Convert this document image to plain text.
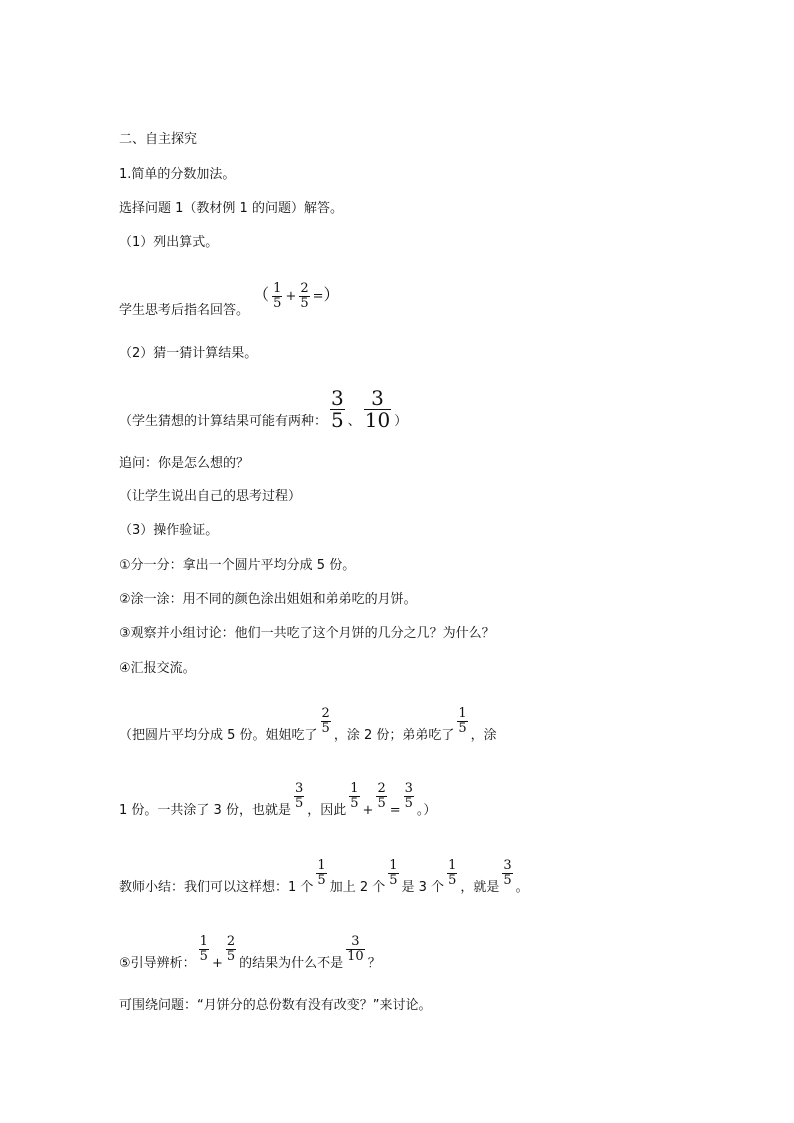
二、自主探究
1.简单的分数加法。
选择问题 1（教材例 1 的问题）解答。
（1）列出算式。
学生思考后指名回答。 （ $\frac{1}{5} + \frac{2}{5}$ =）
（2）猜一猜计算结果。
（学生猜想的计算结果可能有两种： $\frac{3}{5}$ 、 $\frac{3}{10}$ ）
追问：你是怎么想的？
（让学生说出自己的思考过程）
（3）操作验证。
①分一分：拿出一个圆片平均分成 5 份。
②涂一涂：用不同的颜色涂出姐姐和弟弟吃的月饼。
③观察并小组讨论：他们一共吃了这个月饼的几分之几？为什么？
④汇报交流。
（把圆片平均分成 5 份。姐姐吃了 $\frac{2}{5}$ ，涂 2 份；弟弟吃了 $\frac{1}{5}$ ，涂
1 份。一共涂了 3 份，也就是 $\frac{3}{5}$ ，因此 $\frac{1}{5} + \frac{2}{5} = \frac{3}{5}$ 。）
教师小结：我们可以这样想：1 个 $\frac{1}{5}$ 加上 2 个 $\frac{1}{5}$ 是 3 个 $\frac{1}{5}$ ，就是 $\frac{3}{5}$ 。
⑤引导辨析： $\frac{1}{5} + \frac{2}{5}$ 的结果为什么不是 $\frac{3}{10}$ ？
可围绕问题：“月饼分的总份数有没有改变？”来讨论。
